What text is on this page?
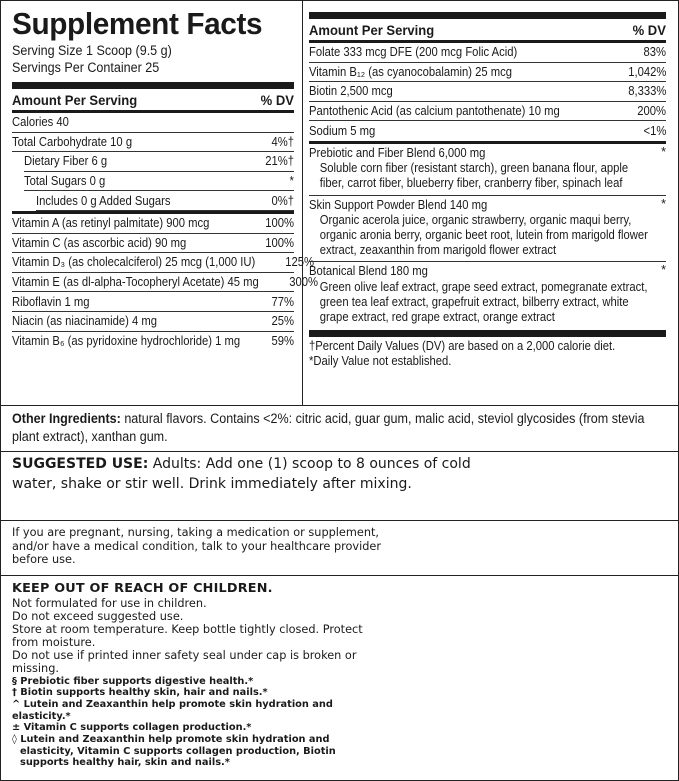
Supplement Facts
Serving Size 1 Scoop (9.5 g)
Servings Per Container 25
Amount Per Serving	% DV
Calories 40
Total Carbohydrate 10 g	4%†
Dietary Fiber 6 g	21%†
Total Sugars 0 g	*
Includes 0 g Added Sugars	0%†
Vitamin A (as retinyl palmitate) 900 mcg	100%
Vitamin C (as ascorbic acid) 90 mg	100%
Vitamin D₃ (as cholecalciferol) 25 mcg (1,000 IU) 125%
Vitamin E (as dl-alpha-Tocopheryl Acetate) 45 mg 300%
Riboflavin 1 mg	77%
Niacin (as niacinamide) 4 mg	25%
Vitamin B₆ (as pyridoxine hydrochloride) 1 mg	59%
Amount Per Serving	% DV
Folate 333 mcg DFE (200 mcg Folic Acid)	83%
Vitamin B₁₂ (as cyanocobalamin) 25 mcg	1,042%
Biotin 2,500 mcg	8,333%
Pantothenic Acid (as calcium pantothenate) 10 mg	200%
Sodium 5 mg	<1%
Prebiotic and Fiber Blend 6,000 mg	*
Soluble corn fiber (resistant starch), green banana flour, apple fiber, carrot fiber, blueberry fiber, cranberry fiber, spinach leaf
Skin Support Powder Blend 140 mg	*
Organic acerola juice, organic strawberry, organic maqui berry, organic aronia berry, organic beet root, lutein from marigold flower extract, zeaxanthin from marigold flower extract
Botanical Blend 180 mg	*
Green olive leaf extract, grape seed extract, pomegranate extract, green tea leaf extract, grapefruit extract, bilberry extract, white grape extract, red grape extract, orange extract
†Percent Daily Values (DV) are based on a 2,000 calorie diet.
*Daily Value not established.
Other Ingredients: natural flavors. Contains <2%: citric acid, guar gum, malic acid, steviol glycosides (from stevia plant extract), xanthan gum.
SUGGESTED USE: Adults: Add one (1) scoop to 8 ounces of cold water, shake or stir well. Drink immediately after mixing.
If you are pregnant, nursing, taking a medication or supplement, and/or have a medical condition, talk to your healthcare provider before use.
KEEP OUT OF REACH OF CHILDREN.
Not formulated for use in children.
Do not exceed suggested use.
Store at room temperature. Keep bottle tightly closed. Protect from moisture.
Do not use if printed inner safety seal under cap is broken or missing.
§ Prebiotic fiber supports digestive health.*
† Biotin supports healthy skin, hair and nails.*
^ Lutein and Zeaxanthin help promote skin hydration and elasticity.*
± Vitamin C supports collagen production.*
◊ Lutein and Zeaxanthin help promote skin hydration and elasticity, Vitamin C supports collagen production, Biotin supports healthy hair, skin and nails.*
